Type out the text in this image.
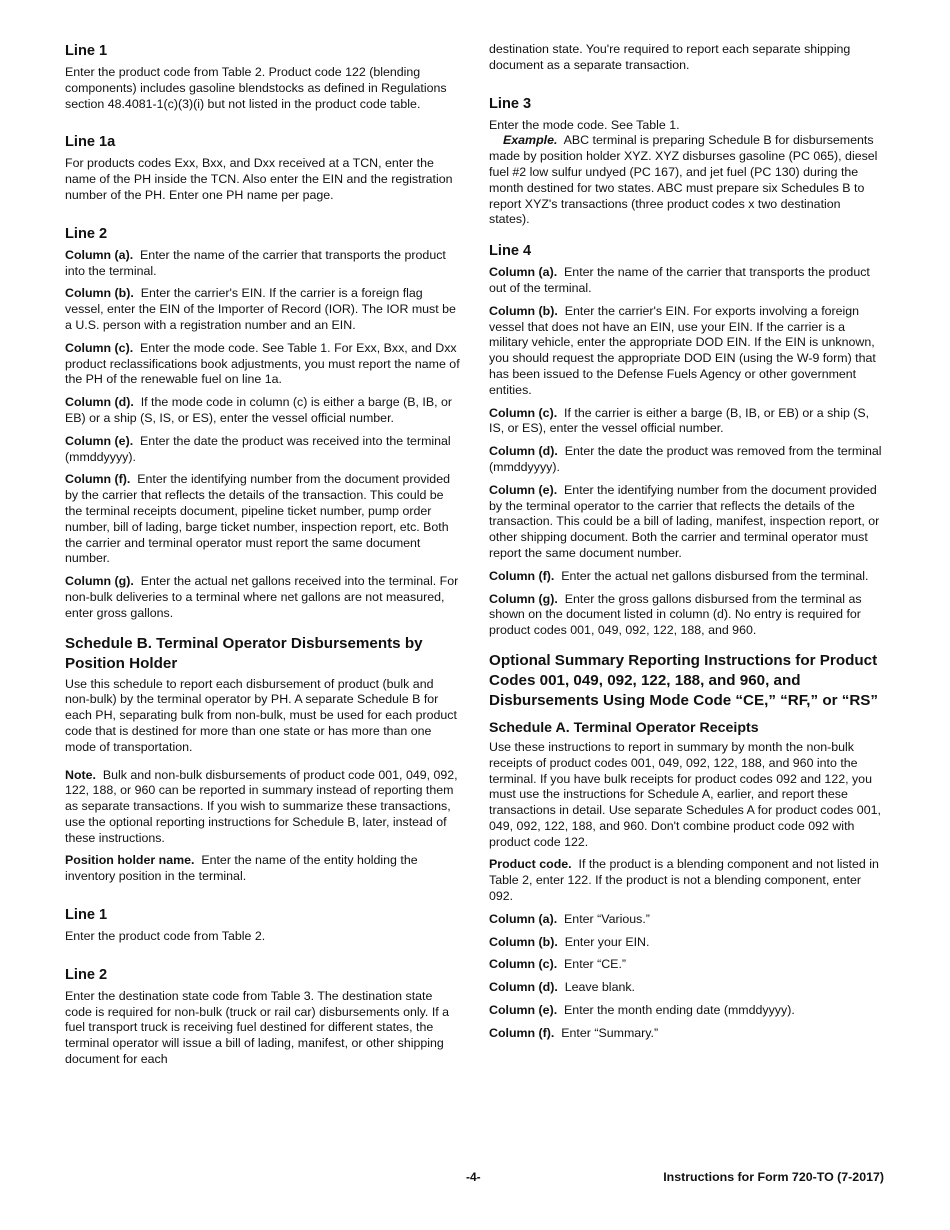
Line 1

Enter the product code from Table 2. Product code 122 (blending components) includes gasoline blendstocks as defined in Regulations section 48.4081-1(c)(3)(i) but not listed in the product code table.

Line 1a

For products codes Exx, Bxx, and Dxx received at a TCN, enter the name of the PH inside the TCN. Also enter the EIN and the registration number of the PH. Enter one PH name per page.

Line 2

Column (a). Enter the name of the carrier that transports the product into the terminal.

Column (b). Enter the carrier's EIN. If the carrier is a foreign flag vessel, enter the EIN of the Importer of Record (IOR). The IOR must be a U.S. person with a registration number and an EIN.

Column (c). Enter the mode code. See Table 1. For Exx, Bxx, and Dxx product reclassifications book adjustments, you must report the name of the PH of the renewable fuel on line 1a.

Column (d). If the mode code in column (c) is either a barge (B, IB, or EB) or a ship (S, IS, or ES), enter the vessel official number.

Column (e). Enter the date the product was received into the terminal (mmddyyyy).

Column (f). Enter the identifying number from the document provided by the carrier that reflects the details of the transaction. This could be the terminal receipts document, pipeline ticket number, pump order number, bill of lading, barge ticket number, inspection report, etc. Both the carrier and terminal operator must report the same document number.

Column (g). Enter the actual net gallons received into the terminal. For non-bulk deliveries to a terminal where net gallons are not measured, enter gross gallons.

Schedule B. Terminal Operator Disbursements by Position Holder

Use this schedule to report each disbursement of product (bulk and non-bulk) by the terminal operator by PH. A separate Schedule B for each PH, separating bulk from non-bulk, must be used for each product code that is destined for more than one state or has more than one mode of transportation.

Note. Bulk and non-bulk disbursements of product code 001, 049, 092, 122, 188, or 960 can be reported in summary instead of reporting them as separate transactions. If you wish to summarize these transactions, use the optional reporting instructions for Schedule B, later, instead of these instructions.

Position holder name. Enter the name of the entity holding the inventory position in the terminal.

Line 1

Enter the product code from Table 2.

Line 2

Enter the destination state code from Table 3. The destination state code is required for non-bulk (truck or rail car) disbursements only. If a fuel transport truck is receiving fuel destined for different states, the terminal operator will issue a bill of lading, manifest, or other shipping document for each

destination state. You're required to report each separate shipping document as a separate transaction.

Line 3

Enter the mode code. See Table 1.

Example. ABC terminal is preparing Schedule B for disbursements made by position holder XYZ. XYZ disburses gasoline (PC 065), diesel fuel #2 low sulfur undyed (PC 167), and jet fuel (PC 130) during the month destined for two states. ABC must prepare six Schedules B to report XYZ's transactions (three product codes x two destination states).

Line 4

Column (a). Enter the name of the carrier that transports the product out of the terminal.

Column (b). Enter the carrier's EIN. For exports involving a foreign vessel that does not have an EIN, use your EIN. If the carrier is a military vehicle, enter the appropriate DOD EIN. If the EIN is unknown, you should request the appropriate DOD EIN (using the W-9 form) that has been issued to the Defense Fuels Agency or other government entities.

Column (c). If the carrier is either a barge (B, IB, or EB) or a ship (S, IS, or ES), enter the vessel official number.

Column (d). Enter the date the product was removed from the terminal (mmddyyyy).

Column (e). Enter the identifying number from the document provided by the terminal operator to the carrier that reflects the details of the transaction. This could be a bill of lading, manifest, inspection report, or other shipping document. Both the carrier and terminal operator must report the same document number.

Column (f). Enter the actual net gallons disbursed from the terminal.

Column (g). Enter the gross gallons disbursed from the terminal as shown on the document listed in column (d). No entry is required for product codes 001, 049, 092, 122, 188, and 960.

Optional Summary Reporting Instructions for Product Codes 001, 049, 092, 122, 188, and 960, and Disbursements Using Mode Code “CE,” “RF,” or “RS”
Schedule A. Terminal Operator Receipts

Use these instructions to report in summary by month the non-bulk receipts of product codes 001, 049, 092, 122, 188, and 960 into the terminal. If you have bulk receipts for product codes 092 and 122, you must use the instructions for Schedule A, earlier, and report these transactions in detail. Use separate Schedules A for product codes 001, 049, 092, 122, 188, and 960. Don't combine product code 092 with product code 122.

Product code. If the product is a blending component and not listed in Table 2, enter 122. If the product is not a blending component, enter 092.

Column (a). Enter “Various.”

Column (b). Enter your EIN.

Column (c). Enter “CE.”

Column (d). Leave blank.

Column (e). Enter the month ending date (mmddyyyy).

Column (f). Enter “Summary.”

-4-	Instructions for Form 720-TO (7-2017)
